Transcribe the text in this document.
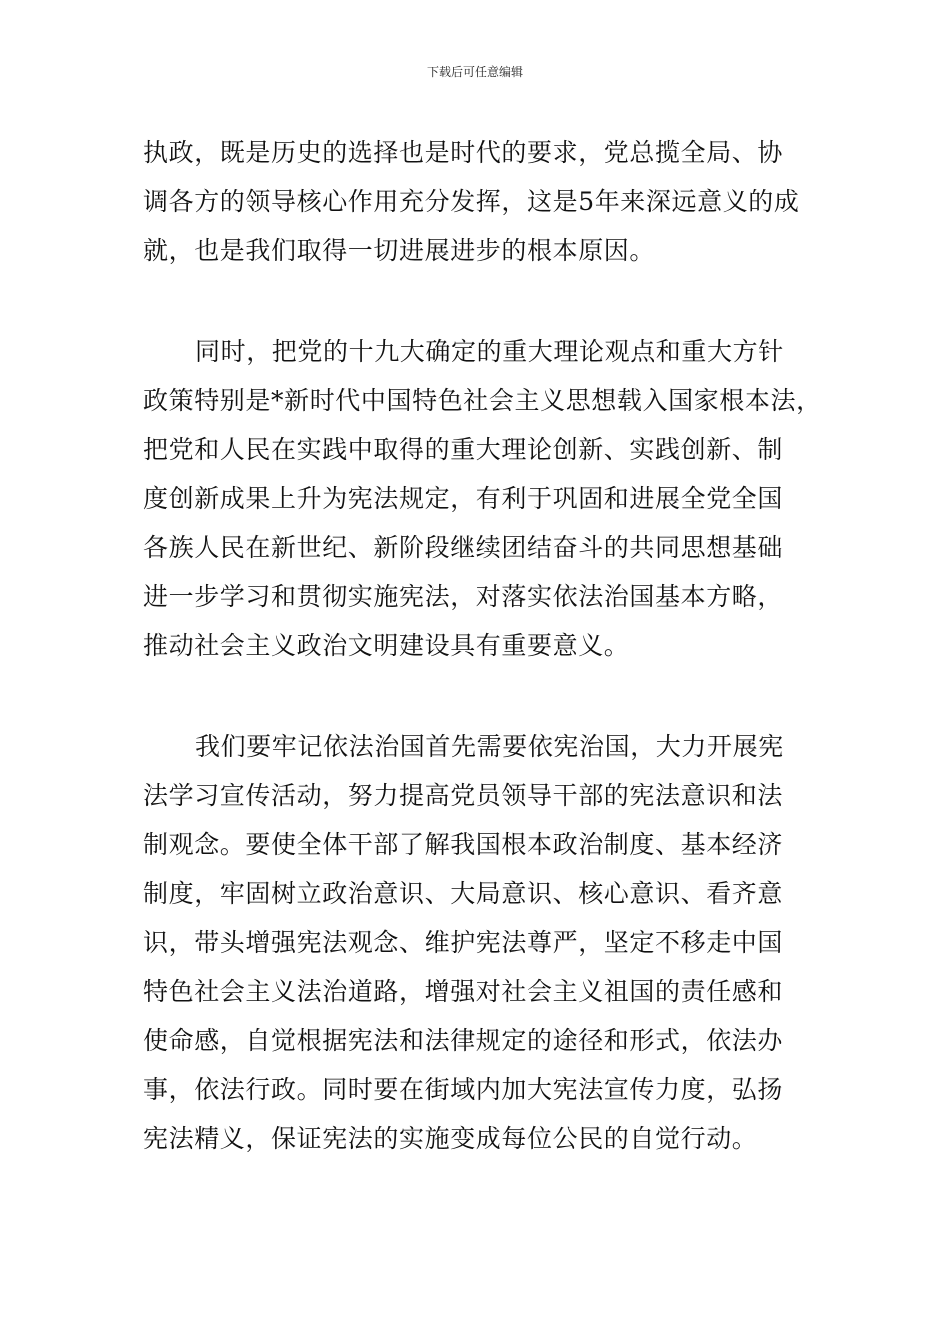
下载后可任意编辑
执政，既是历史的选择也是时代的要求，党总揽全局、协
调各方的领导核心作用充分发挥，这是5年来深远意义的成
就，也是我们取得一切进展进步的根本原因。
同时，把党的十九大确定的重大理论观点和重大方针
政策特别是*新时代中国特色社会主义思想载入国家根本法，
把党和人民在实践中取得的重大理论创新、实践创新、制
度创新成果上升为宪法规定，有利于巩固和进展全党全国
各族人民在新世纪、新阶段继续团结奋斗的共同思想基础
进一步学习和贯彻实施宪法，对落实依法治国基本方略，
推动社会主义政治文明建设具有重要意义。
我们要牢记依法治国首先需要依宪治国，大力开展宪
法学习宣传活动，努力提高党员领导干部的宪法意识和法
制观念。要使全体干部了解我国根本政治制度、基本经济
制度，牢固树立政治意识、大局意识、核心意识、看齐意
识，带头增强宪法观念、维护宪法尊严，坚定不移走中国
特色社会主义法治道路，增强对社会主义祖国的责任感和
使命感，自觉根据宪法和法律规定的途径和形式，依法办
事，依法行政。同时要在街域内加大宪法宣传力度，弘扬
宪法精义，保证宪法的实施变成每位公民的自觉行动。
